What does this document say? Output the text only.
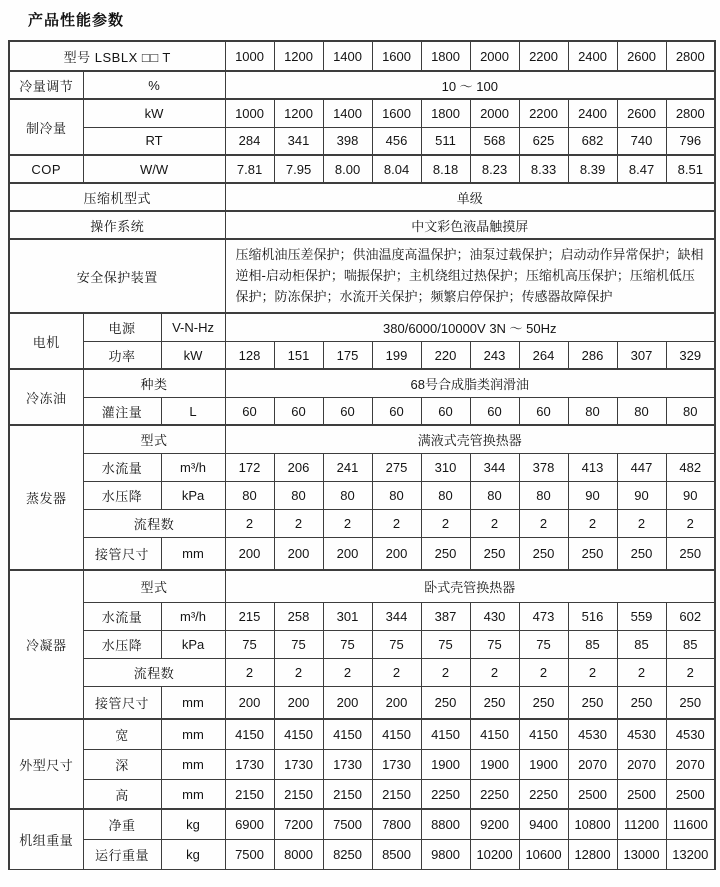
产品性能参数
型号 LSBLX □□ T			1000	1200	1400	1600	1800	2000	2200	2400	2600	2800
冷量调节	%		10 ～ 100									
制冷量	kW		1000	1200	1400	1600	1800	2000	2200	2400	2600	2800
	RT		284	341	398	456	511	568	625	682	740	796
COP	W/W		7.81	7.95	8.00	8.04	8.18	8.23	8.33	8.39	8.47	8.51
压缩机型式			单级									
操作系统			中文彩色液晶触摸屏									
安全保护装置			压缩机油压差保护；供油温度高温保护；油泵过载保护；启动动作异常保护；缺相逆相-启动柜保护；喘振保护；主机绕组过热保护；压缩机高压保护；压缩机低压保护；防冻保护；水流开关保护；频繁启停保护；传感器故障保护									
电机	电源	V-N-Hz	380/6000/10000V 3N ～ 50Hz									
	功率	kW	128	151	175	199	220	243	264	286	307	329
冷冻油	种类		68号合成脂类润滑油									
	灌注量	L	60	60	60	60	60	60	60	80	80	80
蒸发器	型式		满液式壳管换热器									
	水流量	m³/h	172	206	241	275	310	344	378	413	447	482
	水压降	kPa	80	80	80	80	80	80	80	90	90	90
	流程数		2	2	2	2	2	2	2	2	2	2
	接管尺寸	mm	200	200	200	200	250	250	250	250	250	250
冷凝器	型式		卧式壳管换热器									
	水流量	m³/h	215	258	301	344	387	430	473	516	559	602
	水压降	kPa	75	75	75	75	75	75	75	85	85	85
	流程数		2	2	2	2	2	2	2	2	2	2
	接管尺寸	mm	200	200	200	200	250	250	250	250	250	250
外型尺寸	宽	mm	4150	4150	4150	4150	4150	4150	4150	4530	4530	4530
	深	mm	1730	1730	1730	1730	1900	1900	1900	2070	2070	2070
	高	mm	2150	2150	2150	2150	2250	2250	2250	2500	2500	2500
机组重量	净重	kg	6900	7200	7500	7800	8800	9200	9400	10800	11200	11600
	运行重量	kg	7500	8000	8250	8500	9800	10200	10600	12800	13000	13200
